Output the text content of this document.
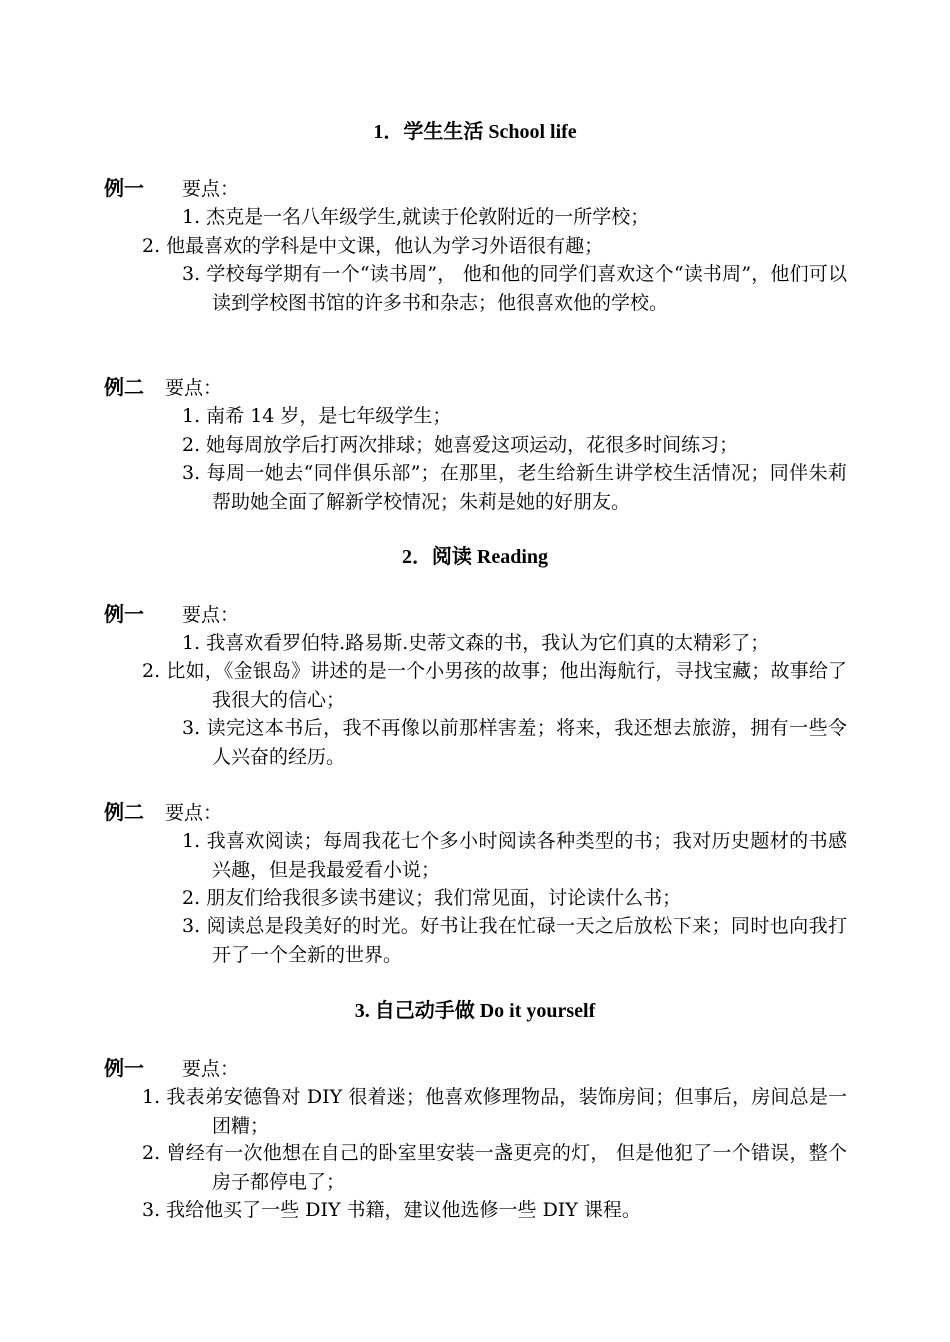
1．学生生活 School life
例一 要点：
1. 杰克是一名八年级学生,就读于伦敦附近的一所学校；
2. 他最喜欢的学科是中文课，他认为学习外语很有趣；
3. 学校每学期有一个“读书周”， 他和他的同学们喜欢这个“读书周”，他们可以读到学校图书馆的许多书和杂志；他很喜欢他的学校。
例二 要点：
1. 南希 14 岁，是七年级学生；
2. 她每周放学后打两次排球；她喜爱这项运动，花很多时间练习；
3. 每周一她去“同伴俱乐部”；在那里，老生给新生讲学校生活情况；同伴朱莉帮助她全面了解新学校情况；朱莉是她的好朋友。
2．阅读 Reading
例一 要点：
1. 我喜欢看罗伯特.路易斯.史蒂文森的书，我认为它们真的太精彩了；
2. 比如，《金银岛》讲述的是一个小男孩的故事；他出海航行，寻找宝藏；故事给了我很大的信心；
3. 读完这本书后，我不再像以前那样害羞；将来，我还想去旅游，拥有一些令人兴奋的经历。
例二 要点：
1. 我喜欢阅读；每周我花七个多小时阅读各种类型的书；我对历史题材的书感兴趣，但是我最爱看小说；
2. 朋友们给我很多读书建议；我们常见面，讨论读什么书；
3. 阅读总是段美好的时光。好书让我在忙碌一天之后放松下来；同时也向我打开了一个全新的世界。
3. 自己动手做 Do it yourself
例一 要点：
1. 我表弟安德鲁对 DIY 很着迷；他喜欢修理物品，装饰房间；但事后，房间总是一团糟；
2. 曾经有一次他想在自己的卧室里安装一盏更亮的灯， 但是他犯了一个错误，整个房子都停电了；
3. 我给他买了一些 DIY 书籍，建议他选修一些 DIY 课程。
